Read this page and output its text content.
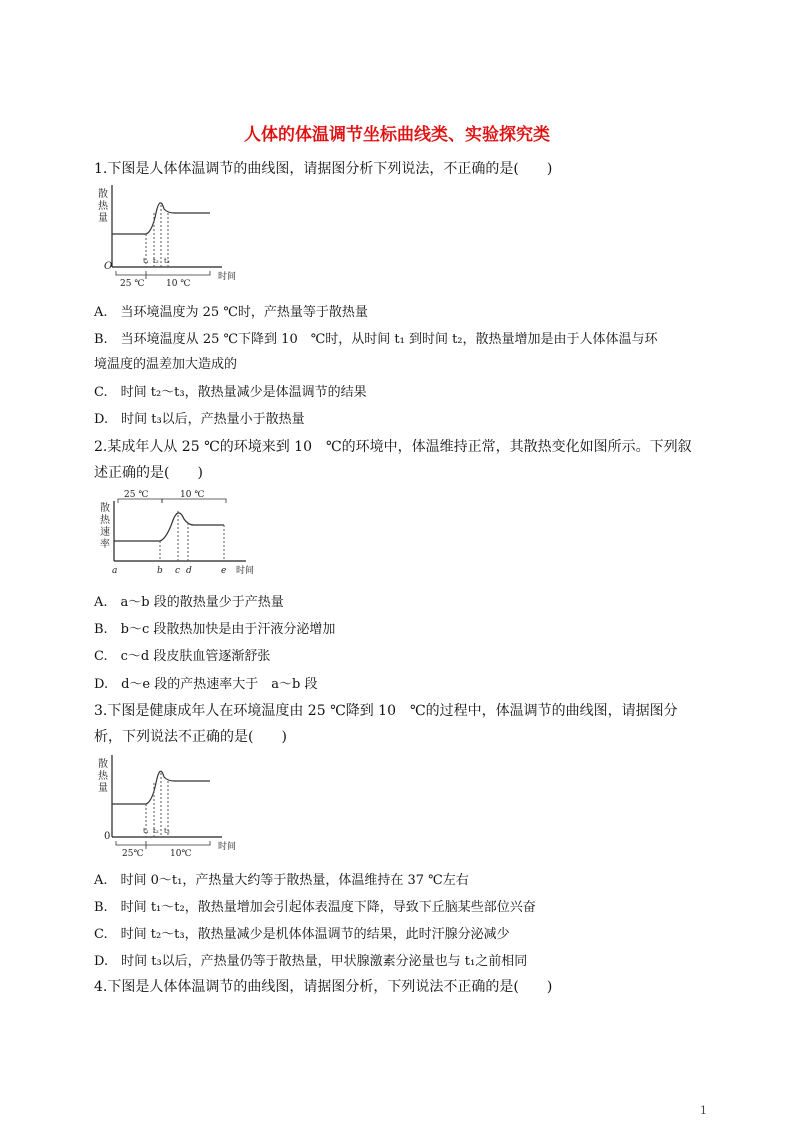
人体的体温调节坐标曲线类、实验探究类
1.下图是人体体温调节的曲线图，请据图分析下列说法，不正确的是(　　)
散
热
量
O	t₁ t₂ t₃
时间
25 ℃ 10 ℃
A.　当环境温度为 25 ℃时，产热量等于散热量
B.　当环境温度从 25 ℃下降到 10　℃时，从时间 t₁ 到时间 t₂，散热量增加是由于人体体温与环
境温度的温差加大造成的
C.　时间 t₂～t₃，散热量减少是体温调节的结果
D.　时间 t₃以后，产热量小于散热量
2.某成年人从 25 ℃的环境来到 10　℃的环境中，体温维持正常，其散热变化如图所示。下列叙
述正确的是(　　)
25 ℃	10 ℃
散
热
速
率
a	b c d	e 时间
A.　a～b 段的散热量少于产热量
B.　b～c 段散热加快是由于汗液分泌增加
C.　c～d 段皮肤血管逐渐舒张
D.　d～e 段的产热速率大于　a～b 段
3.下图是健康成年人在环境温度由 25 ℃降到 10　℃的过程中，体温调节的曲线图，请据图分
析，下列说法不正确的是(　　)
散
热
量
0	t₁ t₂ t₃
时间
25℃	10℃
A.　时间 0～t₁，产热量大约等于散热量，体温维持在 37 ℃左右
B.　时间 t₁～t₂，散热量增加会引起体表温度下降，导致下丘脑某些部位兴奋
C.　时间 t₂～t₃，散热量减少是机体体温调节的结果，此时汗腺分泌减少
D.　时间 t₃以后，产热量仍等于散热量，甲状腺激素分泌量也与 t₁之前相同
4.下图是人体体温调节的曲线图，请据图分析，下列说法不正确的是(　　)
1
